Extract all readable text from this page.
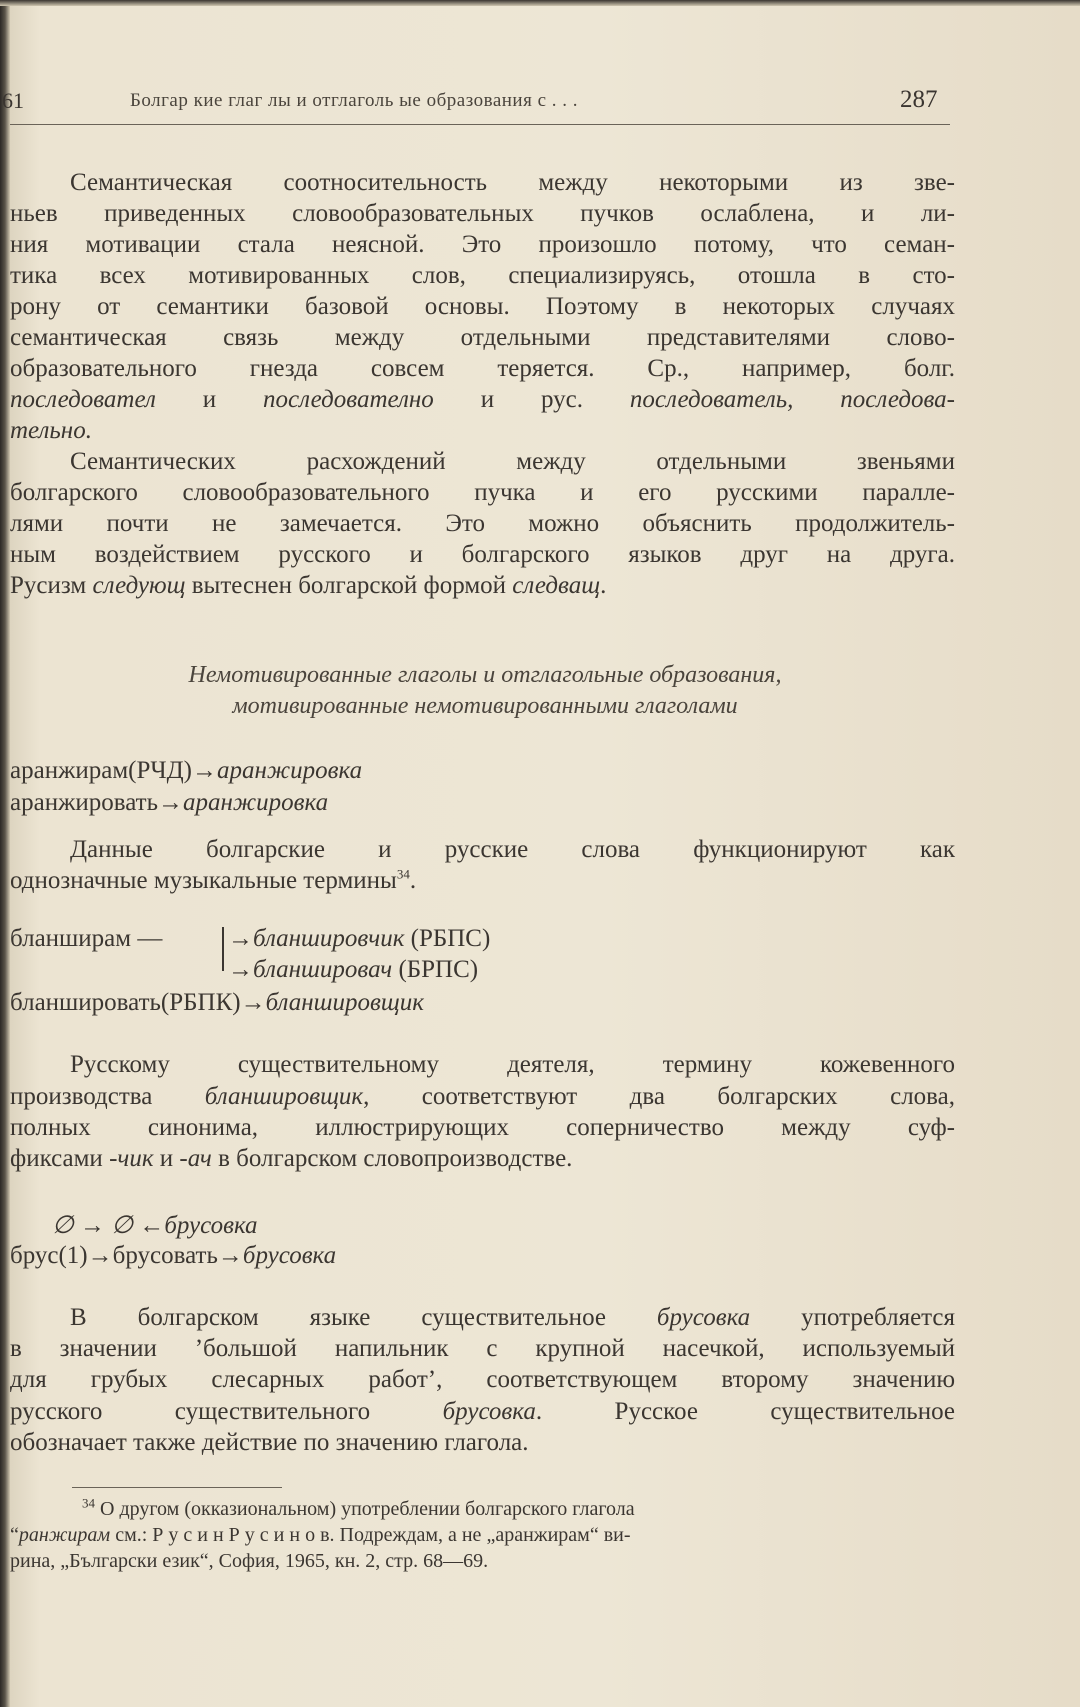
61	Болгар кие глаг лы и отглаголь ые образования с . . .	287
Семантическая соотносительность между некоторыми из зве-
ньев приведенных словообразовательных пучков ослаблена, и ли-
ния мотивации стала неясной. Это произошло потому, что семан-
тика всех мотивированных слов, специализируясь, отошла в сто-
рону от семантики базовой основы. Поэтому в некоторых случаях
семантическая связь между отдельными представителями слово-
образовательного гнезда совсем теряется. Ср., например, болг.
последовател и последователно и рус. последователь, последова-
тельно.
Семантических расхождений между отдельными звеньями
болгарского словообразовательного пучка и его русскими паралле-
лями почти не замечается. Это можно объяснить продолжитель-
ным воздействием русского и болгарского языков друг на друга.
Русизм следующ вытеснен болгарской формой следващ.
Немотивированные глаголы и отглагольные образования,
мотивированные немотивированными глаголами
аранжирам(РЧД)→аранжировка
аранжировать→аранжировка
Данные болгарские и русские слова функционируют как
однозначные музыкальные термины$^{34}$.
бланширам —	→бланшировчик (РБПС)
→бланшировач (БРПС)
бланшировать(РБПК)→бланшировщик
Русскому существительному деятеля, термину кожевенного
производства бланшировщик, соответствуют два болгарских слова,
полных синонима, иллюстрирующих соперничество между суф-
фиксами -чик и -ач в болгарском словопроизводстве.
∅ → ∅ ←брусовка
брус(1)→брусовать→брусовка
В болгарском языке существительное брусовка употребляется
в значении ’большой напильник с крупной насечкой, используемый
для грубых слесарных работ’, соответствующем второму значению
русского существительного брусовка. Русское существительное
обозначает также действие по значению глагола.
$^{34}$ О другом (окказиональном) употреблении болгарского глагола
“ранжирам см.: Р у с и н Р у с и н о в. Подреждам, а не „аранжирам“ ви-
рина, „Български език“, София, 1965, кн. 2, стр. 68—69.
